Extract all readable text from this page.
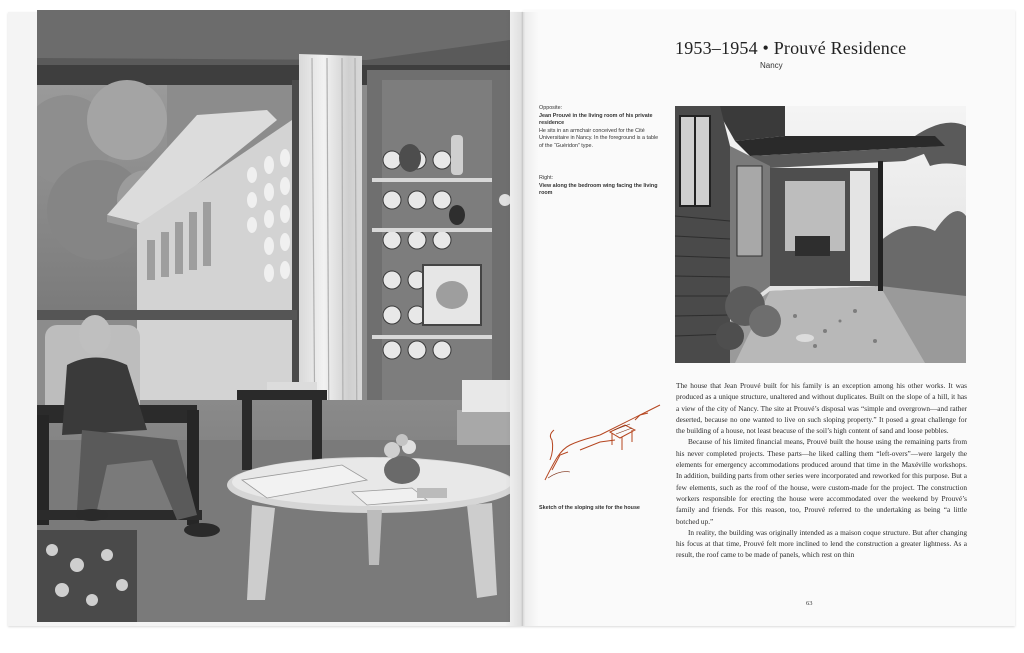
1953–1954 • Prouvé Residence
Nancy
Opposite:
Jean Prouvé in the living room of his private residence
He sits in an armchair conceived for the Cité Universitaire in Nancy. In the foreground is a table of the “Guéridon” type.
Right:
View along the bedroom wing facing the living room
Sketch of the sloping site for the house

The house that Jean Prouvé built for his family is an exception among his other works. It was produced as a unique structure, unaltered and without duplicates. Built on the slope of a hill, it has a view of the city of Nancy. The site at Prouvé’s disposal was “simple and overgrown—and rather deserted, because no one wanted to live on such sloping property.” It posed a great challenge for the building of a house, not least beacuse of the soil’s high content of sand and loose pebbles.

Because of his limited financial means, Prouvé built the house using the remaining parts from his never completed projects. These parts—he liked calling them “left-overs”—were largely the elements for emergency accommodations produced around that time in the Maxéville workshops. In addition, building parts from other series were incorporated and reworked for this purpose. But a few elements, such as the roof of the house, were custom-made for the project. The construction workers responsible for erecting the house were accommodated over the weekend by Prouvé’s family and friends. For this reason, too, Prouvé referred to the undertaking as being “a little botched up.”

In reality, the building was originally intended as a maison coque structure. But after changing his focus at that time, Prouvé felt more inclined to lend the construction a greater lightness. As a result, the roof came to be made of panels, which rest on thin

63
